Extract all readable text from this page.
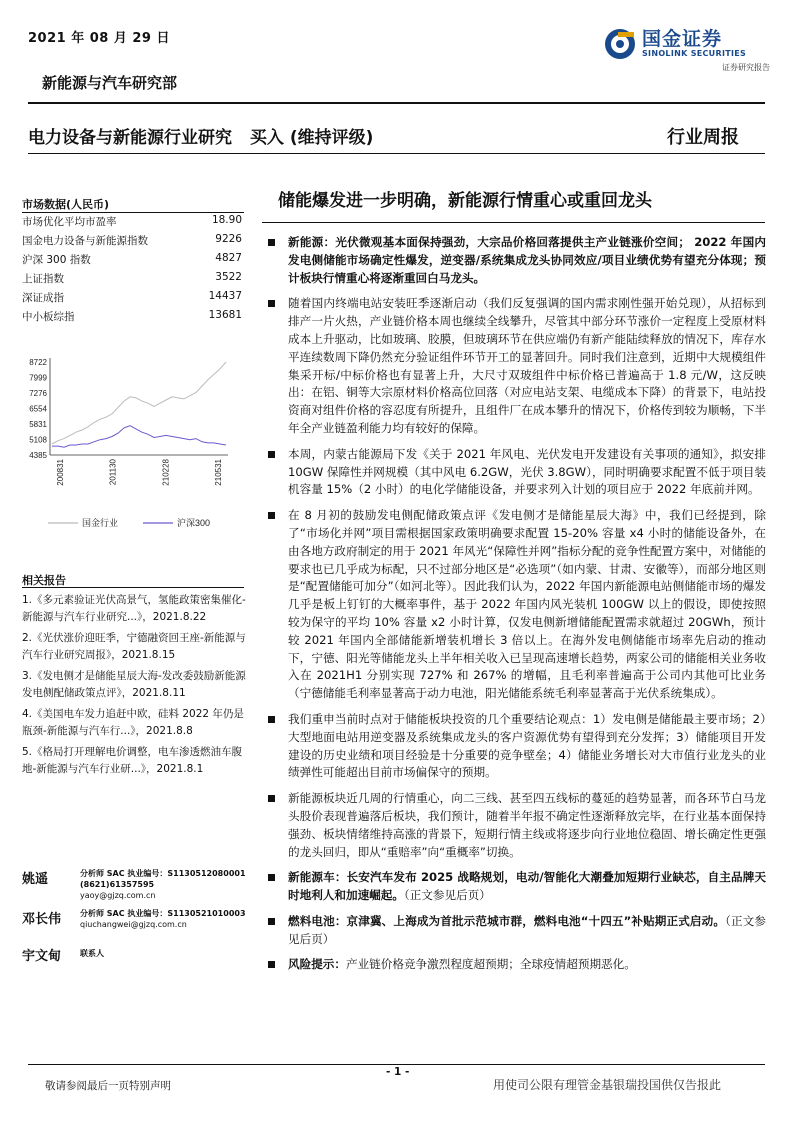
2021 年 08 月 29 日
新能源与汽车研究部
国金证券
SINOLINK SECURITIES
证券研究报告
电力设备与新能源行业研究 买入 (维持评级)	行业周报
市场数据(人民币)
市场优化平均市盈率	18.90
国金电力设备与新能源指数	9226
沪深 300 指数	4827
上证指数	3522
深证成指	14437
中小板综指	13681
8722
7999
7276
6554
5831
5108
4385
200831	201130	210228	210531
国金行业	沪深300
相关报告
1.《多元素验证光伏高景气，氢能政策密集催化-新能源与汽车行业研究...》，2021.8.22
2.《光伏涨价迎旺季，宁德融资回王座-新能源与汽车行业研究周报》，2021.8.15
3.《发电侧才是储能星辰大海-发改委鼓励新能源发电侧配储政策点评》，2021.8.11
4.《美国电车发力追赶中欧，硅料 2022 年仍是瓶颈-新能源与汽车行...》，2021.8.8
5.《格局打开理解电价调整，电车渗透燃油车腹地-新能源与汽车行业研...》，2021.8.1
姚遥	分析师 SAC 执业编号：S1130512080001
(8621)61357595
yaoy@gjzq.com.cn
邓长伟 分析师 SAC 执业编号：S1130521010003
qiuchangwei@gjzq.com.cn
宇文甸 联系人
储能爆发进一步明确，新能源行情重心或重回龙头
新能源：光伏微观基本面保持强劲，大宗品价格回落提供主产业链涨价空间； 2022 年国内发电侧储能市场确定性爆发，逆变器/系统集成龙头协同效应/项目业绩优势有望充分体现；预计板块行情重心将逐渐重回白马龙头。
随着国内终端电站安装旺季逐渐启动（我们反复强调的国内需求刚性强开始兑现），从招标到排产一片火热，产业链价格本周也继续全线攀升，尽管其中部分环节涨价一定程度上受原材料成本上升驱动，比如玻璃、胶膜，但玻璃环节在供应端仍有新产能陆续释放的情况下，库存水平连续数周下降仍然充分验证组件环节开工的显著回升。同时我们注意到，近期中大规模组件集采开标/中标价格也有显著上升，大尺寸双玻组件中标价格已普遍高于 1.8 元/W，这反映出：在铝、铜等大宗原材料价格高位回落（对应电站支架、电缆成本下降）的背景下，电站投资商对组件价格的容忍度有所提升，且组件厂在成本攀升的情况下，价格传到较为顺畅，下半年全产业链盈利能力均有较好的保障。
本周，内蒙古能源局下发《关于 2021 年风电、光伏发电开发建设有关事项的通知》，拟安排 10GW 保障性并网规模（其中风电 6.2GW，光伏 3.8GW），同时明确要求配置不低于项目装机容量 15%（2 小时）的电化学储能设备，并要求列入计划的项目应于 2022 年底前并网。
在 8 月初的鼓励发电侧配储政策点评《发电侧才是储能星辰大海》中，我们已经提到，除了“市场化并网”项目需根据国家政策明确要求配置 15-20% 容量 x4 小时的储能设备外，在由各地方政府制定的用于 2021 年风光“保障性并网”指标分配的竞争性配置方案中，对储能的要求也已几乎成为标配，只不过部分地区是“必选项”（如内蒙、甘肃、安徽等），而部分地区则是“配置储能可加分”（如河北等）。因此我们认为，2022 年国内新能源电站侧储能市场的爆发几乎是板上钉钉的大概率事件，基于 2022 年国内风光装机 100GW 以上的假设，即使按照较为保守的平均 10% 容量 x2 小时计算，仅发电侧新增储能配置需求就超过 20GWh，预计较 2021 年国内全部储能新增装机增长 3 倍以上。在海外发电侧储能市场率先启动的推动下，宁德、阳光等储能龙头上半年相关收入已呈现高速增长趋势，两家公司的储能相关业务收入在 2021H1 分别实现 727% 和 267% 的增幅，且毛利率普遍高于公司内其他可比业务（宁德储能毛利率显著高于动力电池，阳光储能系统毛利率显著高于光伏系统集成）。
我们重申当前时点对于储能板块投资的几个重要结论观点：1）发电侧是储能最主要市场；2）大型地面电站用逆变器及系统集成龙头的客户资源优势有望得到充分发挥；3）储能项目开发建设的历史业绩和项目经验是十分重要的竞争壁垒；4）储能业务增长对大市值行业龙头的业绩弹性可能超出目前市场偏保守的预期。
新能源板块近几周的行情重心，向二三线、甚至四五线标的蔓延的趋势显著，而各环节白马龙头股价表现普遍落后板块，我们预计，随着半年报不确定性逐渐释放完毕，在行业基本面保持强劲、板块情绪维持高涨的背景下，短期行情主线或将逐步向行业地位稳固、增长确定性更强的龙头回归，即从“重赔率”向“重概率”切换。
新能源车：长安汽车发布 2025 战略规划，电动/智能化大潮叠加短期行业缺芯，自主品牌天时地利人和加速崛起。（正文参见后页）
燃料电池：京津冀、上海成为首批示范城市群，燃料电池“十四五”补贴期正式启动。（正文参见后页）
风险提示：产业链价格竞争激烈程度超预期；全球疫情超预期恶化。
- 1 -
敬请参阅最后一页特别声明	用使司公限有理管金基银瑞投国供仅告报此
